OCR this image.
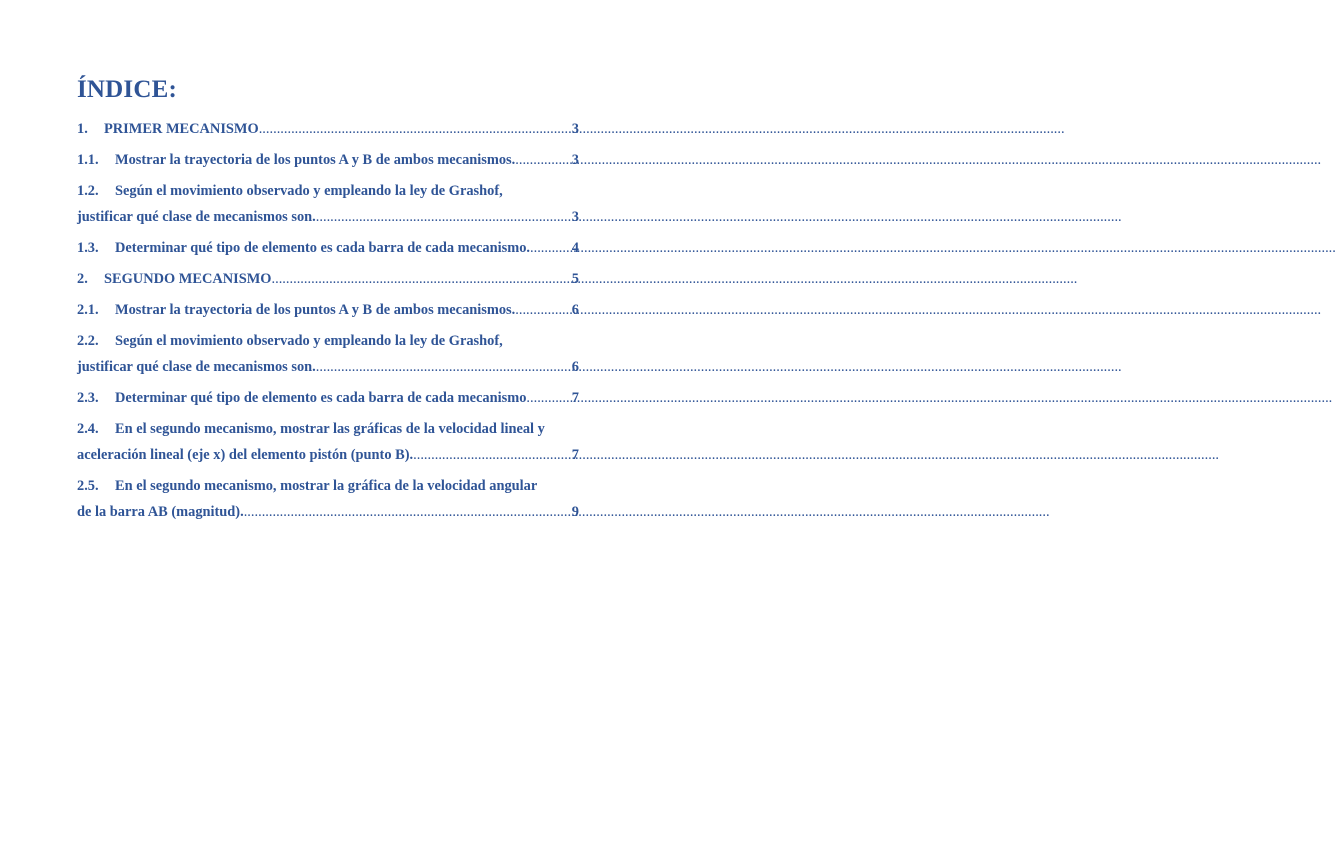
ÍNDICE:
1.	PRIMER MECANISMO .....	3
1.1.	Mostrar la trayectoria de los puntos A y B de ambos mecanismos. .....	3
1.2.	Según el movimiento observado y empleando la ley de Grashof,
justificar qué clase de mecanismos son. .....	3
1.3.	Determinar qué tipo de elemento es cada barra de cada mecanismo. .....	4
2.	SEGUNDO MECANISMO .....	5
2.1.	Mostrar la trayectoria de los puntos A y B de ambos mecanismos. .....	6
2.2.	Según el movimiento observado y empleando la ley de Grashof,
justificar qué clase de mecanismos son. .....	6
2.3.	Determinar qué tipo de elemento es cada barra de cada mecanismo .....	7
2.4.	En el segundo mecanismo, mostrar las gráficas de la velocidad lineal y
aceleración lineal (eje x) del elemento pistón (punto B). .....	7
2.5.	En el segundo mecanismo, mostrar la gráfica de la velocidad angular
de la barra AB (magnitud). .....	9
